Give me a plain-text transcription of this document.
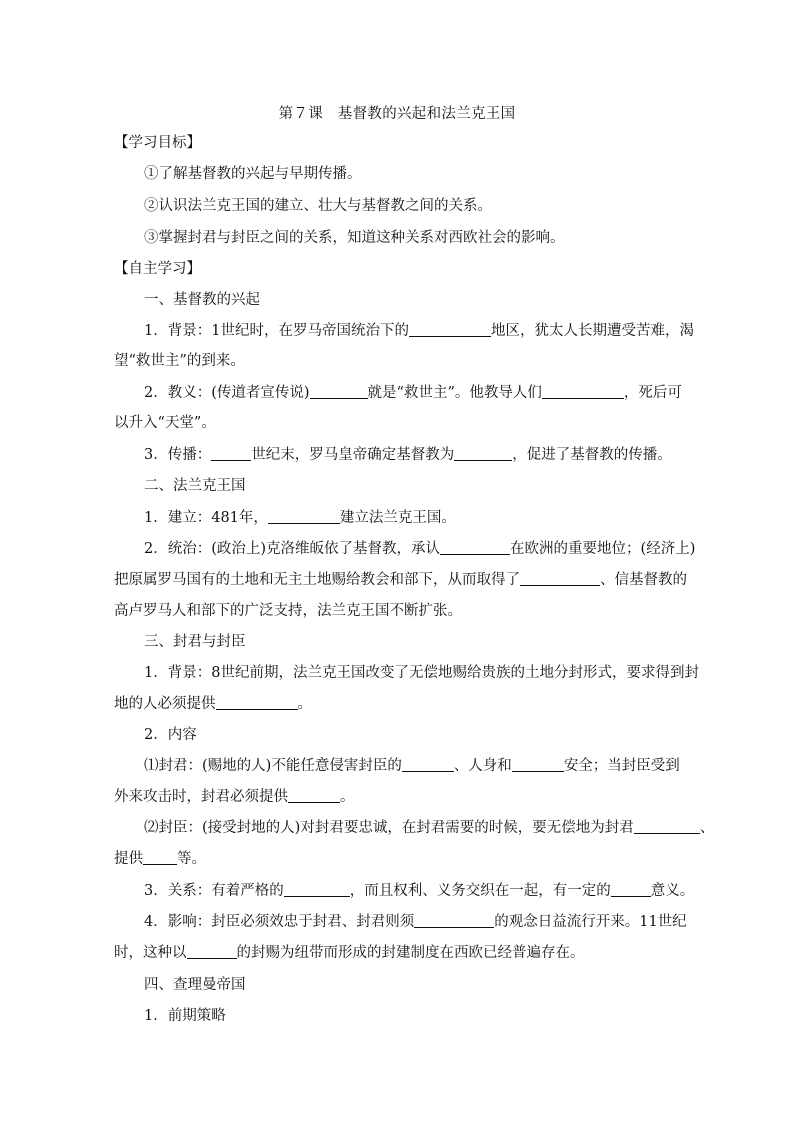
第７课　基督教的兴起和法兰克王国
【学习目标】
①了解基督教的兴起与早期传播。
②认识法兰克王国的建立、壮大与基督教之间的关系。
③掌握封君与封臣之间的关系，知道这种关系对西欧社会的影响。
【自主学习】
一、基督教的兴起
1．背景：1世纪时，在罗马帝国统治下的	地区，犹太人长期遭受苦难，渴
望“救世主”的到来。
2．教义：(传道者宣传说)	就是“救世主”。他教导人们	，死后可
以升入“天堂”。
3．传播：	世纪末，罗马皇帝确定基督教为	，促进了基督教的传播。
二、法兰克王国
1．建立：481年，	建立法兰克王国。
2．统治：(政治上)克洛维皈依了基督教，承认	在欧洲的重要地位；(经济上)
把原属罗马国有的土地和无主土地赐给教会和部下，从而取得了	、信基督教的
高卢罗马人和部下的广泛支持，法兰克王国不断扩张。
三、封君与封臣
1．背景：8世纪前期，法兰克王国改变了无偿地赐给贵族的土地分封形式，要求得到封
地的人必须提供	。
2．内容
⑴封君：(赐地的人)不能任意侵害封臣的	、人身和	安全；当封臣受到
外来攻击时，封君必须提供	。
⑵封臣：(接受封地的人)对封君要忠诚，在封君需要的时候，要无偿地为封君	、
提供 等。
3．关系：有着严格的	，而且权利、义务交织在一起，有一定的	意义。
4．影响：封臣必须效忠于封君、封君则须	的观念日益流行开来。11世纪
时，这种以	的封赐为纽带而形成的封建制度在西欧已经普遍存在。
四、查理曼帝国
1．前期策略
